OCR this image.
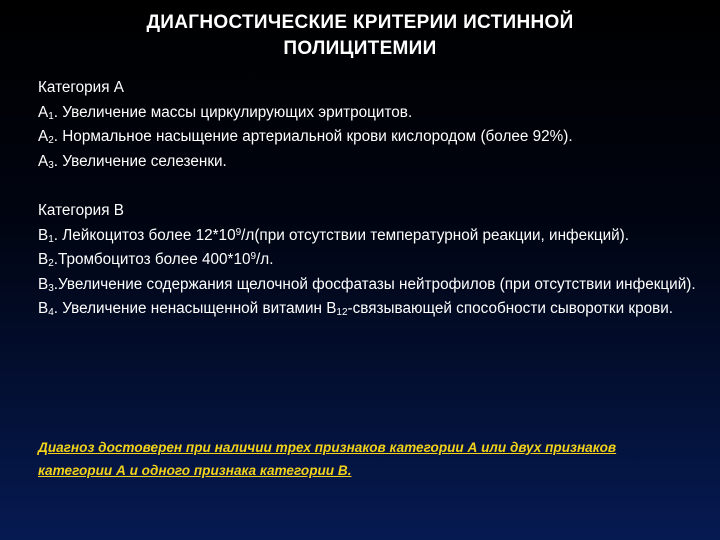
ДИАГНОСТИЧЕСКИЕ КРИТЕРИИ ИСТИННОЙ
ПОЛИЦИТЕМИИ
Категория А
$A_1$. Увеличение массы циркулирующих эритроцитов.
$A_2$. Нормальное насыщение артериальной крови кислородом (более 92%).
$A_3$. Увеличение селезенки.
Категория В
$B_1$. Лейкоцитоз более $12*10^9/л(при$ отсутствии температурной реакции, инфекций).
$B_2.Тромбоцитоз$ более $400*10^9/л$.
$B_3.Увеличение$ содержания щелочной фосфатазы нейтрофилов (при отсутствии инфекций).
$B_4$. Увеличение ненасыщенной витамин $В_{12}$-связывающей способности сыворотки крови.
Диагноз достоверен при наличии трех признаков категории А или двух признаков категории А и одного признака категории В.
